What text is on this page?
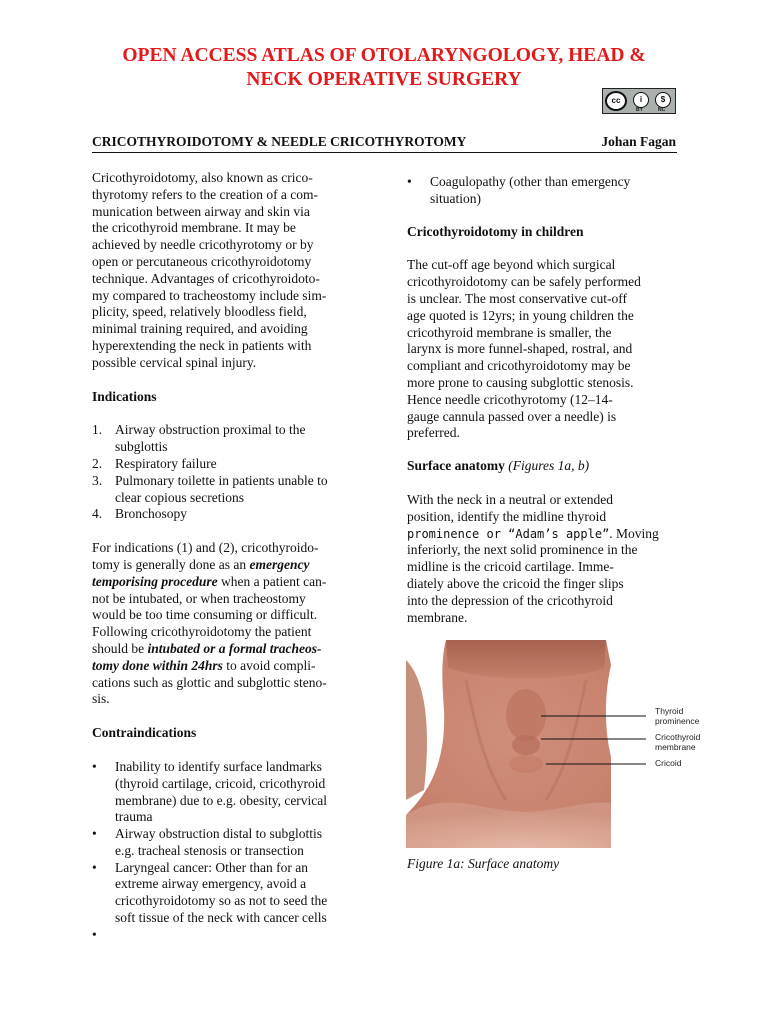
OPEN ACCESS ATLAS OF OTOLARYNGOLOGY, HEAD &
NECK OPERATIVE SURGERY
cc	i	$
BY	NC
CRICOTHYROIDOTOMY & NEEDLE CRICOTHYROTOMY	Johan Fagan
Cricothyroidotomy, also known as crico-
thyrotomy refers to the creation of a com-
munication between airway and skin via
the cricothyroid membrane. It may be
achieved by needle cricothyrotomy or by
open or percutaneous cricothyroidotomy
technique. Advantages of cricothyroidoto-
my compared to tracheostomy include sim-
plicity, speed, relatively bloodless field,
minimal training required, and avoiding
hyperextending the neck in patients with
possible cervical spinal injury.
Indications
1. Airway obstruction proximal to the
subglottis
2. Respiratory failure
3. Pulmonary toilette in patients unable to
clear copious secretions
4. Bronchosopy
For indications (1) and (2), cricothyroido-
tomy is generally done as an emergency
temporising procedure when a patient can-
not be intubated, or when tracheostomy
would be too time consuming or difficult.
Following cricothyroidotomy the patient
should be intubated or a formal tracheos-
tomy done within 24hrs to avoid compli-
cations such as glottic and subglottic steno-
sis.
Contraindications
• Inability to identify surface landmarks
(thyroid cartilage, cricoid, cricothyroid
membrane) due to e.g. obesity, cervical
trauma
• Airway obstruction distal to subglottis
e.g. tracheal stenosis or transection
• Laryngeal cancer: Other than for an
extreme airway emergency, avoid a
cricothyroidotomy so as not to seed the
soft tissue of the neck with cancer cells
•
• Coagulopathy (other than emergency
situation)
Cricothyroidotomy in children
The cut-off age beyond which surgical
cricothyroidotomy can be safely performed
is unclear. The most conservative cut-off
age quoted is 12yrs; in young children the
cricothyroid membrane is smaller, the
larynx is more funnel-shaped, rostral, and
compliant and cricothyroidotomy may be
more prone to causing subglottic stenosis.
Hence needle cricothyrotomy (12–14-
gauge cannula passed over a needle) is
preferred.
Surface anatomy (Figures 1a, b)
With the neck in a neutral or extended
position, identify the midline thyroid
prominence or “Adam’s apple”. Moving
inferiorly, the next solid prominence in the
midline is the cricoid cartilage. Imme-
diately above the cricoid the finger slips
into the depression of the cricothyroid
membrane.
Thyroid
prominence
Cricothyroid
membrane
Cricoid
Figure 1a: Surface anatomy
